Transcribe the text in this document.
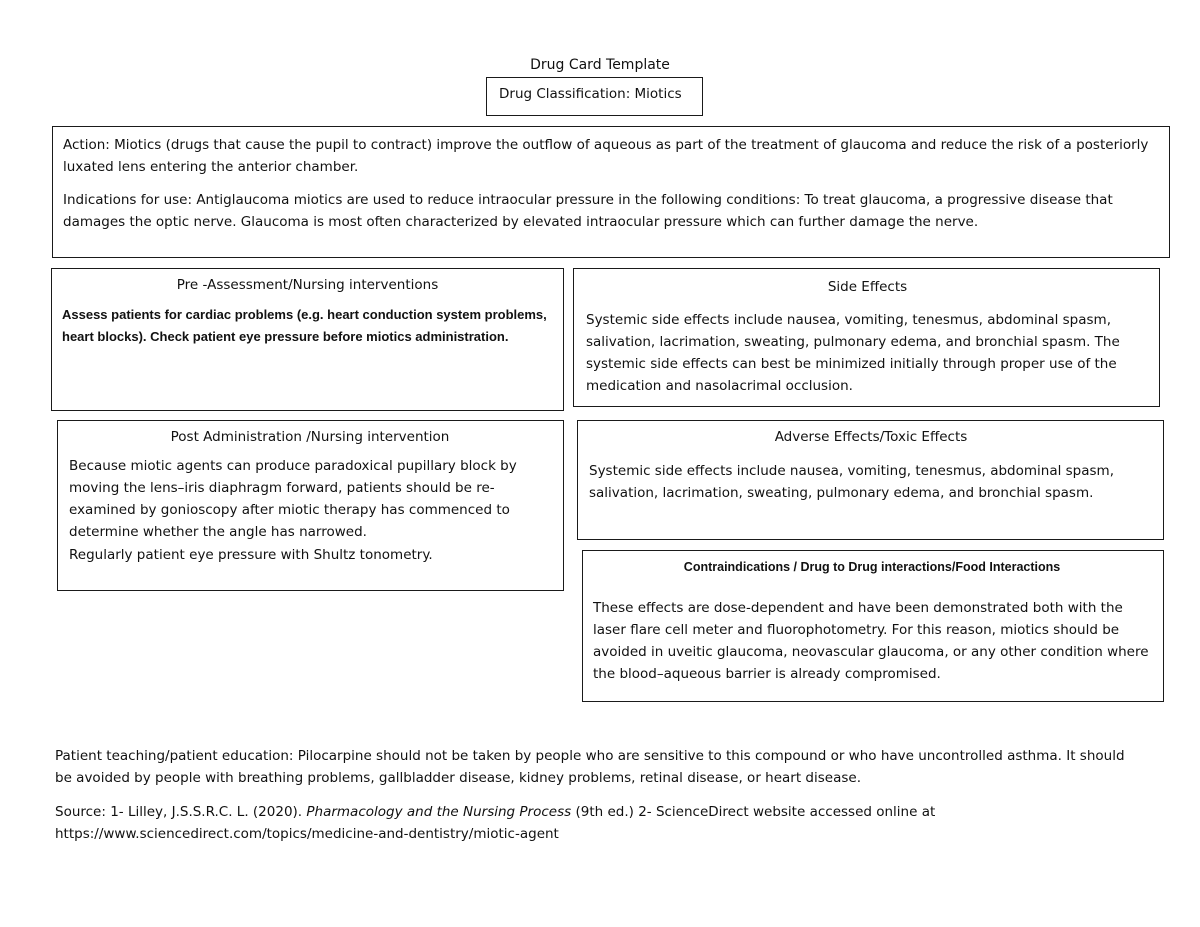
Drug Card Template
Drug Classification: Miotics

Action: Miotics (drugs that cause the pupil to contract) improve the outflow of aqueous as part of the treatment of glaucoma and reduce the risk of a posteriorly luxated lens entering the anterior chamber.

Indications for use: Antiglaucoma miotics are used to reduce intraocular pressure in the following conditions: To treat glaucoma, a progressive disease that damages the optic nerve. Glaucoma is most often characterized by elevated intraocular pressure which can further damage the nerve.

Pre -Assessment/Nursing interventions

Assess patients for cardiac problems (e.g. heart conduction system problems, heart blocks). Check patient eye pressure before miotics administration.

Side Effects

Systemic side effects include nausea, vomiting, tenesmus, abdominal spasm, salivation, lacrimation, sweating, pulmonary edema, and bronchial spasm. The systemic side effects can best be minimized initially through proper use of the medication and nasolacrimal occlusion.

Post Administration /Nursing intervention

Because miotic agents can produce paradoxical pupillary block by moving the lens–iris diaphragm forward, patients should be re-examined by gonioscopy after miotic therapy has commenced to determine whether the angle has narrowed.

Regularly patient eye pressure with Shultz tonometry.

Adverse Effects/Toxic Effects

Systemic side effects include nausea, vomiting, tenesmus, abdominal spasm, salivation, lacrimation, sweating, pulmonary edema, and bronchial spasm.

Contraindications / Drug to Drug interactions/Food Interactions

These effects are dose-dependent and have been demonstrated both with the laser flare cell meter and fluorophotometry. For this reason, miotics should be avoided in uveitic glaucoma, neovascular glaucoma, or any other condition where the blood–aqueous barrier is already compromised.

Patient teaching/patient education: Pilocarpine should not be taken by people who are sensitive to this compound or who have uncontrolled asthma. It should be avoided by people with breathing problems, gallbladder disease, kidney problems, retinal disease, or heart disease.

Source: 1- Lilley, J.S.S.R.C. L. (2020). Pharmacology and the Nursing Process (9th ed.) 2- ScienceDirect website accessed online at https://www.sciencedirect.com/topics/medicine-and-dentistry/miotic-agent
